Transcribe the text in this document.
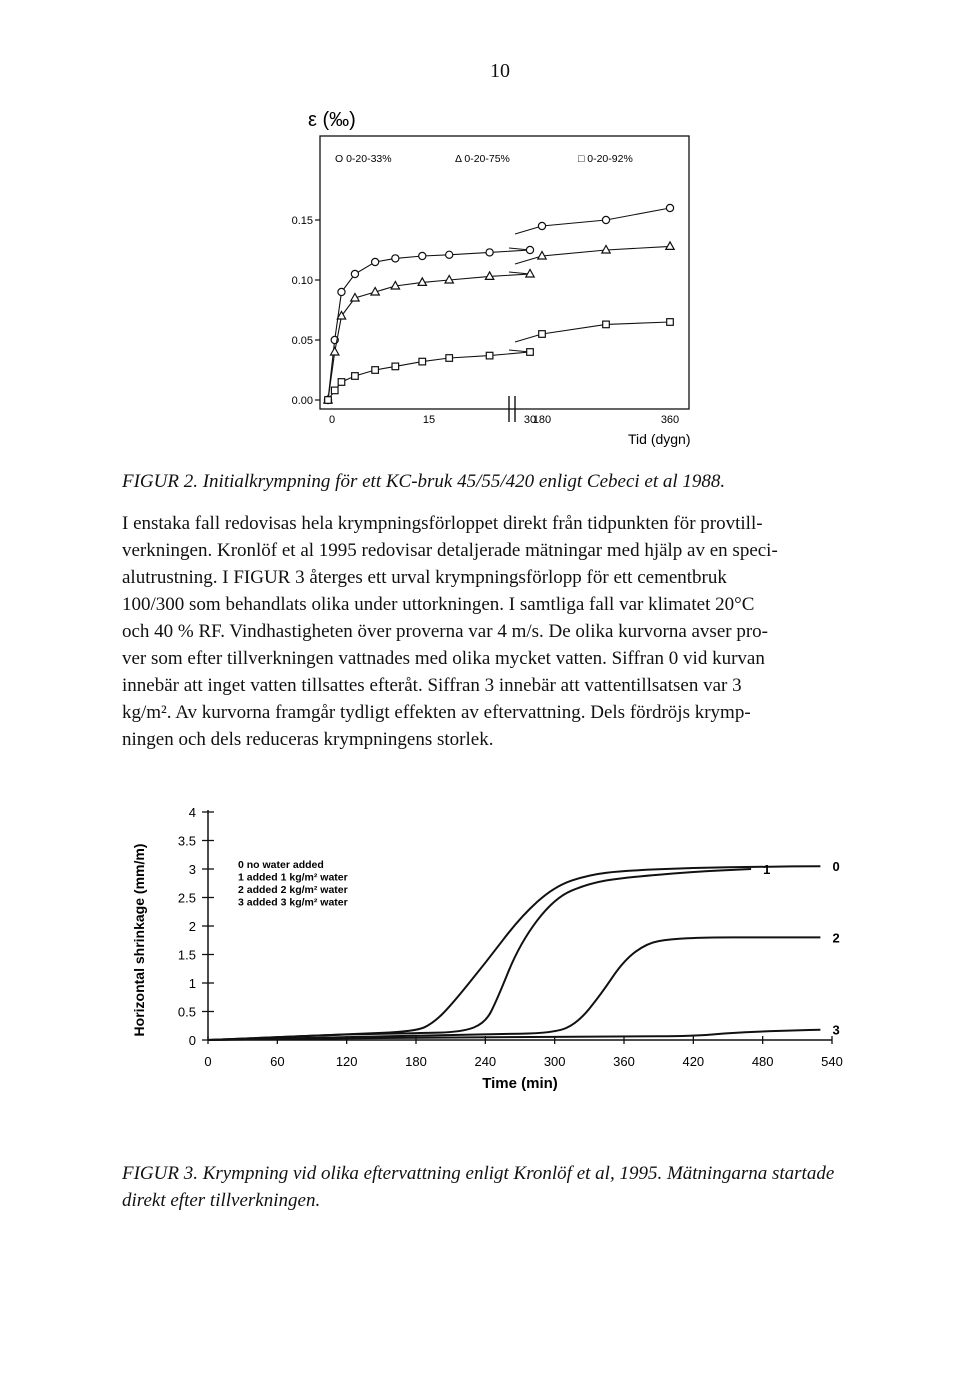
10
ε (‰)
O 0-20-33%	Δ 0-20-75%	□ 0-20-92%
0.00
0.05
0.10
0.15
0	15	30
180	360
Tid (dygn)
FIGUR 2. Initialkrympning för ett KC-bruk 45/55/420 enligt Cebeci et al 1988.

I enstaka fall redovisas hela krympningsförloppet direkt från tidpunkten för provtill-

verkningen. Kronlöf et al 1995 redovisar detaljerade mätningar med hjälp av en speci-

alutrustning. I FIGUR 3 återges ett urval krympningsförlopp för ett cementbruk

100/300 som behandlats olika under uttorkningen. I samtliga fall var klimatet 20°C

och 40 % RF. Vindhastigheten över proverna var 4 m/s. De olika kurvorna avser pro-

ver som efter tillverkningen vattnades med olika mycket vatten. Siffran 0 vid kurvan

innebär att inget vatten tillsattes efteråt. Siffran 3 innebär att vattentillsatsen var 3

kg/m². Av kurvorna framgår tydligt effekten av eftervattning. Dels fördröjs krymp-

ningen och dels reduceras krympningens storlek.

Horizontal shrinkage (mm/m)
0
0.5
1
1.5
2
2.5
3
3.5
4
0	60	120	180	240	300	360	420	480	540
0 no water added
1 added 1 kg/m² water
2 added 2 kg/m² water
3 added 3 kg/m² water
0
1
2
3
Time (min)
FIGUR 3. Krympning vid olika eftervattning enligt Kronlöf et al, 1995. Mätningarna startade direkt efter tillverkningen.
